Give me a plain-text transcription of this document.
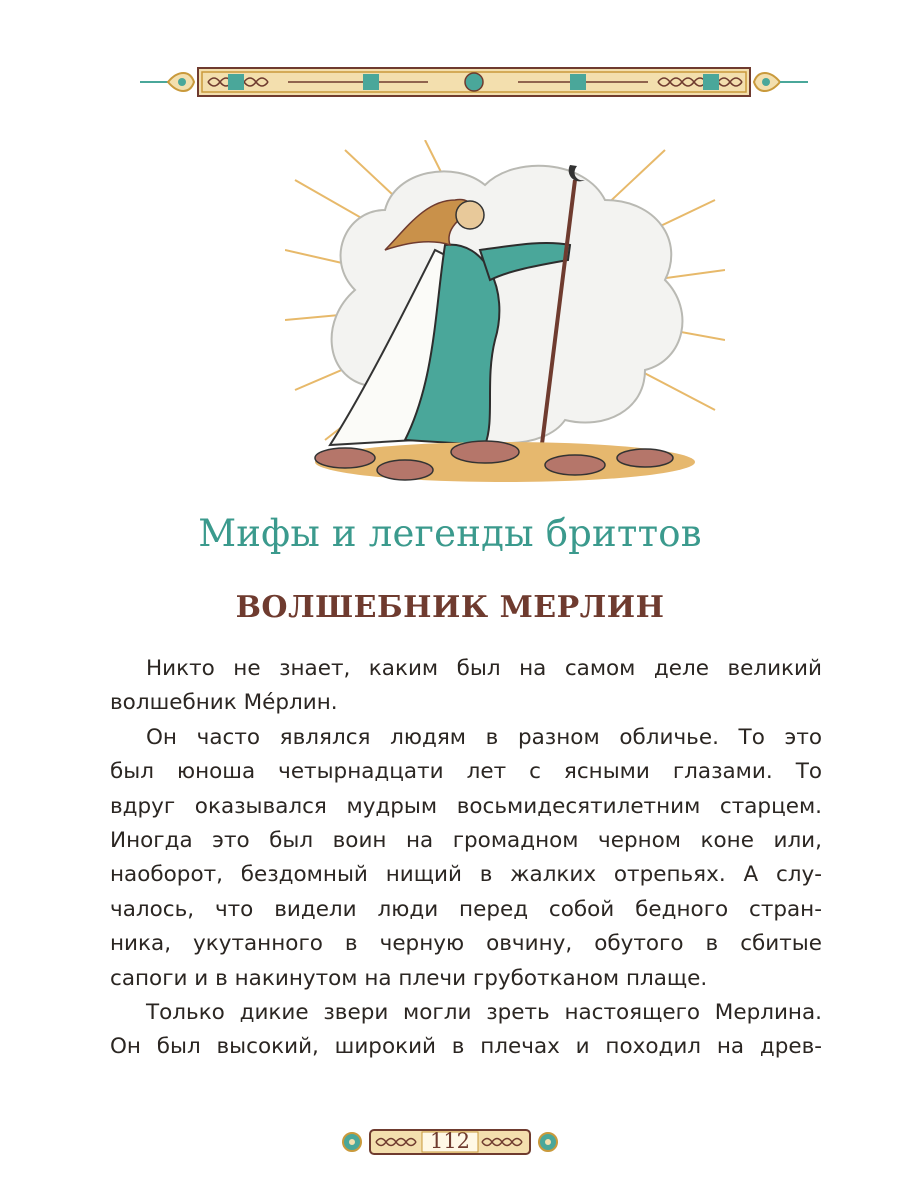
Мифы и легенды бриттов
ВОЛШЕБНИК МЕРЛИН

Никто не знает, каким был на самом деле великий
волшебник Ме́рлин.

Он часто являлся людям в разном обличье. То это
был юноша четырнадцати лет с ясными глазами. То
вдруг оказывался мудрым восьмидесятилетним старцем.
Иногда это был воин на громадном черном коне или,
наоборот, бездомный нищий в жалких отрепьях. А слу-
чалось, что видели люди перед собой бедного стран-
ника, укутанного в черную овчину, обутого в сбитые
сапоги и в накинутом на плечи груботканом плаще.

Только дикие звери могли зреть настоящего Мерлина.
Он был высокий, широкий в плечах и походил на древ-

112
